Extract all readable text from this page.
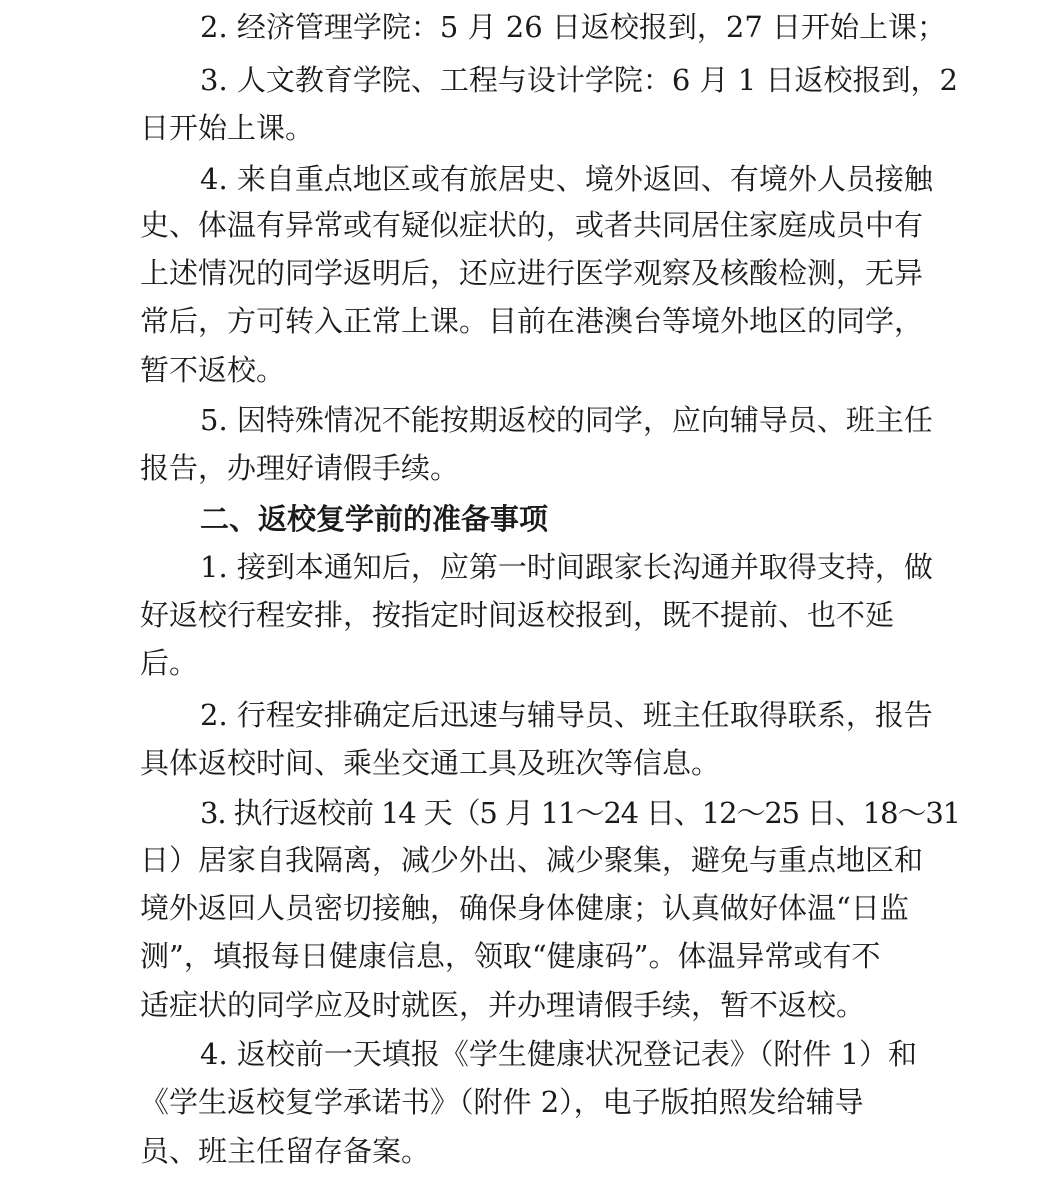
2. 经济管理学院：5 月 26 日返校报到，27 日开始上课；
3. 人文教育学院、工程与设计学院：6 月 1 日返校报到，2
日开始上课。
4. 来自重点地区或有旅居史、境外返回、有境外人员接触
史、体温有异常或有疑似症状的，或者共同居住家庭成员中有
上述情况的同学返明后，还应进行医学观察及核酸检测，无异
常后，方可转入正常上课。目前在港澳台等境外地区的同学，
暂不返校。
5. 因特殊情况不能按期返校的同学，应向辅导员、班主任
报告，办理好请假手续。
二、返校复学前的准备事项
1. 接到本通知后，应第一时间跟家长沟通并取得支持，做
好返校行程安排，按指定时间返校报到，既不提前、也不延
后。
2. 行程安排确定后迅速与辅导员、班主任取得联系，报告
具体返校时间、乘坐交通工具及班次等信息。
3. 执行返校前 14 天（5 月 11～24 日、12～25 日、18～31
日）居家自我隔离，减少外出、减少聚集，避免与重点地区和
境外返回人员密切接触，确保身体健康；认真做好体温“日监
测”，填报每日健康信息，领取“健康码”。体温异常或有不
适症状的同学应及时就医，并办理请假手续，暂不返校。
4. 返校前一天填报《学生健康状况登记表》（附件 1）和
《学生返校复学承诺书》（附件 2），电子版拍照发给辅导
员、班主任留存备案。
